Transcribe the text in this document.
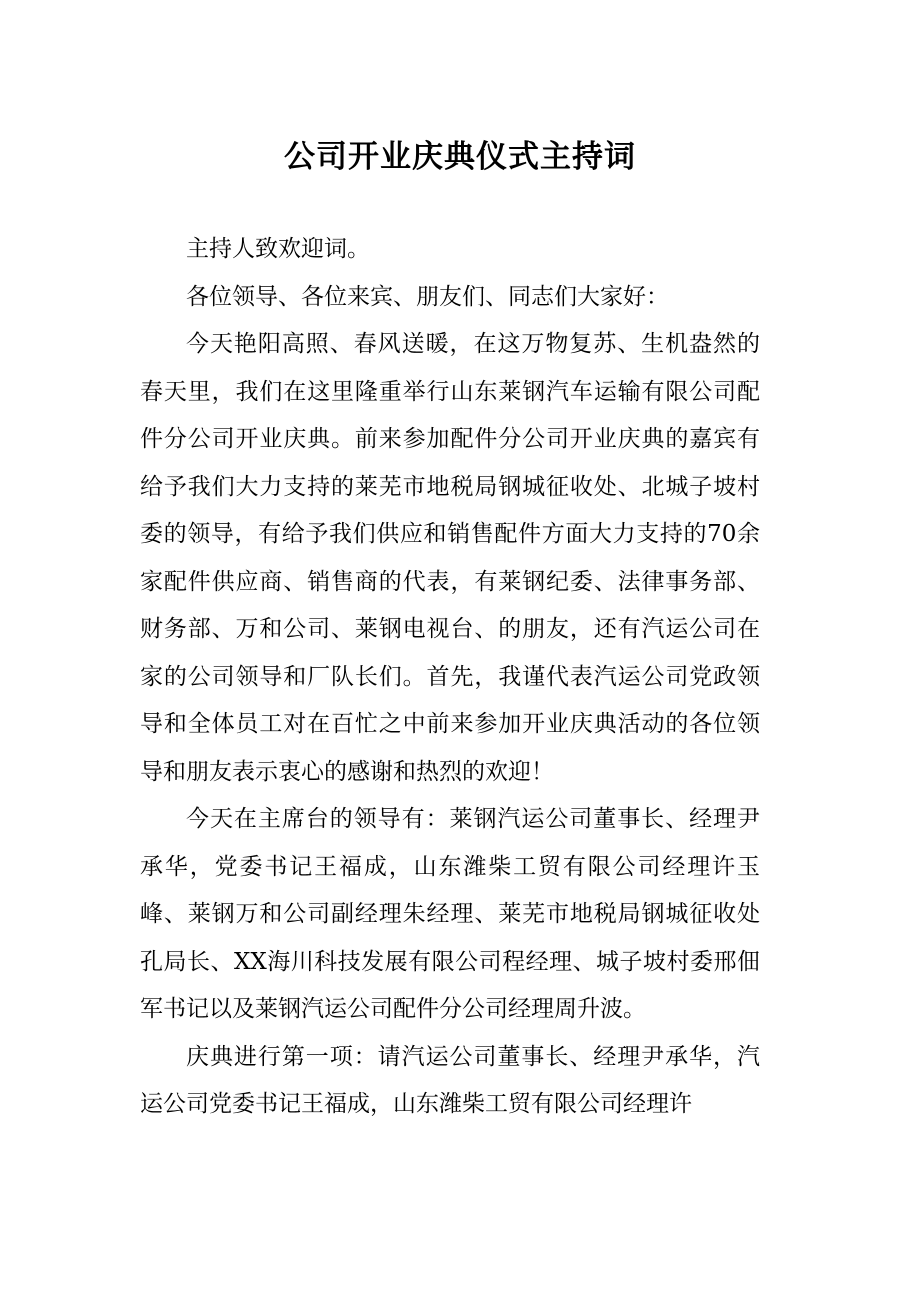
公司开业庆典仪式主持词

主持人致欢迎词。

各位领导、各位来宾、朋友们、同志们大家好：

今天艳阳高照、春风送暖，在这万物复苏、生机盎然的春天里，我们在这里隆重举行山东莱钢汽车运输有限公司配件分公司开业庆典。前来参加配件分公司开业庆典的嘉宾有给予我们大力支持的莱芜市地税局钢城征收处、北城子坡村委的领导，有给予我们供应和销售配件方面大力支持的70余家配件供应商、销售商的代表，有莱钢纪委、法律事务部、财务部、万和公司、莱钢电视台、的朋友，还有汽运公司在家的公司领导和厂队长们。首先，我谨代表汽运公司党政领导和全体员工对在百忙之中前来参加开业庆典活动的各位领导和朋友表示衷心的感谢和热烈的欢迎！

今天在主席台的领导有：莱钢汽运公司董事长、经理尹承华，党委书记王福成，山东潍柴工贸有限公司经理许玉峰、莱钢万和公司副经理朱经理、莱芜市地税局钢城征收处孔局长、XX海川科技发展有限公司程经理、城子坡村委邢佃军书记以及莱钢汽运公司配件分公司经理周升波。

庆典进行第一项：请汽运公司董事长、经理尹承华，汽运公司党委书记王福成，山东潍柴工贸有限公司经理许
